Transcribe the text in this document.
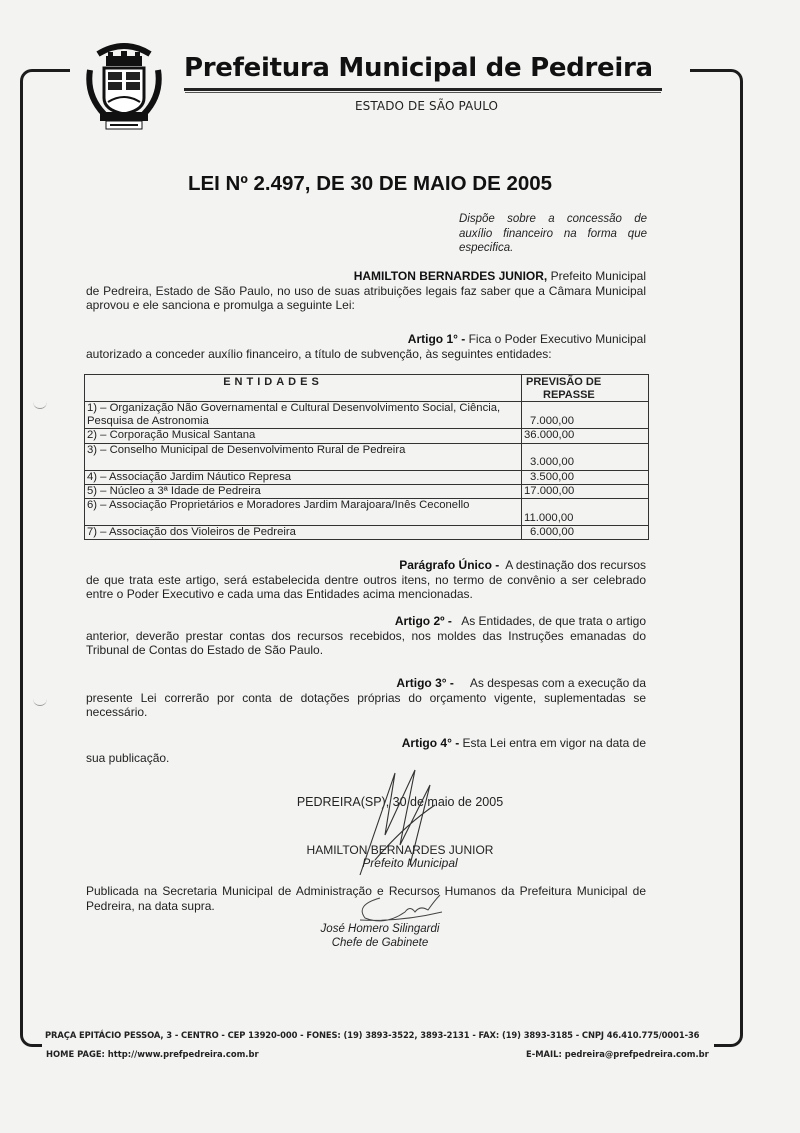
Prefeitura Municipal de Pedreira
ESTADO DE SÃO PAULO
LEI Nº 2.497, DE 30 DE MAIO DE 2005
Dispõe sobre a concessão de auxílio financeiro na forma que especifica.
HAMILTON BERNARDES JUNIOR, Prefeito Municipal
de Pedreira, Estado de São Paulo, no uso de suas atribuições legais faz saber que a Câmara Municipal aprovou e ele sanciona e promulga a seguinte Lei:
Artigo 1° - Fica o Poder Executivo Municipal
autorizado a conceder auxílio financeiro, a título de subvenção, às seguintes entidades:
ENTIDADES	PREVISÃO DE
REPASSE

1) – Organização Não Governamental e Cultural Desenvolvimento Social, Ciência, Pesquisa de Astronomia	7.000,00
2) – Corporação Musical Santana	36.000,00
3) – Conselho Municipal de Desenvolvimento Rural de Pedreira	3.000,00
4) – Associação Jardim Náutico Represa	3.500,00
5) – Núcleo a 3ª Idade de Pedreira	17.000,00
6) – Associação Proprietários e Moradores Jardim Marajoara/Inês Ceconello	11.000,00
7) – Associação dos Violeiros de Pedreira	6.000,00
Parágrafo Único -  A destinação dos recursos
de que trata este artigo, será estabelecida dentre outros itens, no termo de convênio a ser celebrado entre o Poder Executivo e cada uma das Entidades acima mencionadas.
Artigo 2º -   As Entidades, de que trata o artigo
anterior, deverão prestar contas dos recursos recebidos, nos moldes das Instruções emanadas do Tribunal de Contas do Estado de São Paulo.
Artigo 3° -     As despesas com a execução da
presente Lei correrão por conta de dotações próprias do orçamento vigente, suplementadas se necessário.
Artigo 4° - Esta Lei entra em vigor na data de
sua publicação.
PEDREIRA(SP), 30 de maio de 2005
HAMILTON BERNARDES JUNIOR
Prefeito Municipal
Publicada na Secretaria Municipal de Administração e Recursos Humanos da Prefeitura Municipal de Pedreira, na data supra.
José Homero Silingardi
Chefe de Gabinete
PRAÇA EPITÁCIO PESSOA, 3 - CENTRO - CEP 13920-000 - FONES: (19) 3893-3522, 3893-2131 - FAX: (19) 3893-3185 - CNPJ 46.410.775/0001-36
HOME PAGE: http://www.prefpedreira.com.br	E-MAIL: pedreira@prefpedreira.com.br
